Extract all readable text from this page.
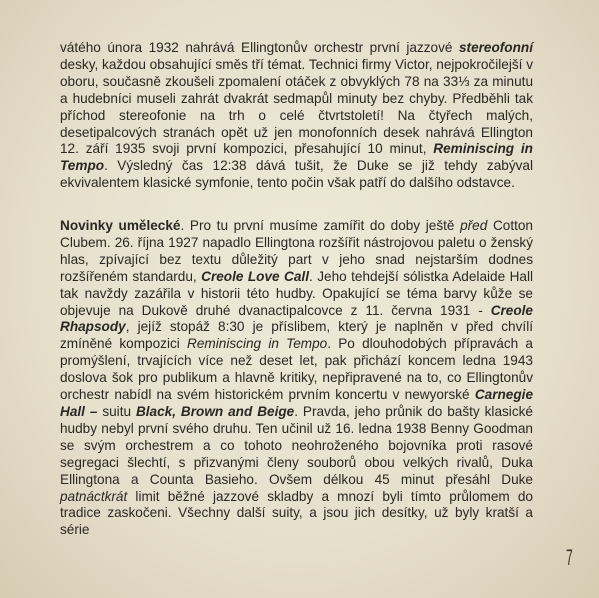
vátého února 1932 nahrává Ellingtonův orchestr první jazzové stereofonní desky, každou obsahující směs tří témat. Technici firmy Victor, nejpokročilejší v oboru, současně zkoušeli zpomalení otáček z obvyklých 78 na 33⅓ za minutu a hudebníci museli zahrát dvakrát sedmapůl minuty bez chyby. Předběhli tak příchod stereofonie na trh o celé čtvrtstoletí! Na čtyřech malých, desetipalcových stranách opět už jen monofonních desek nahrává Ellington 12. září 1935 svoji první kompozici, přesahující 10 minut, Reminiscing in Tempo. Výsledný čas 12:38 dává tušit, že Duke se již tehdy zabýval ekvivalentem klasické symfonie, tento počin však patří do dalšího odstavce.
Novinky umělecké. Pro tu první musíme zamířit do doby ještě před Cotton Clubem. 26. října 1927 napadlo Ellingtona rozšířit nástrojovou paletu o ženský hlas, zpívající bez textu důležitý part v jeho snad nejstarším dodnes rozšířeném standardu, Creole Love Call. Jeho tehdejší sólistka Adelaide Hall tak navždy zazářila v historii této hudby. Opakující se téma barvy kůže se objevuje na Dukově druhé dvanactipalcovce z 11. června 1931 - Creole Rhapsody, jejíž stopáž 8:30 je příslibem, který je naplněn v před chvílí zmíněné kompozici Reminiscing in Tempo. Po dlouhodobých přípravách a promýšlení, trvajících více než deset let, pak přichází koncem ledna 1943 doslova šok pro publikum a hlavně kritiky, nepřipravené na to, co Ellingtonův orchestr nabídl na svém historickém prvním koncertu v newyorské Carnegie Hall – suitu Black, Brown and Beige. Pravda, jeho průnik do bašty klasické hudby nebyl první svého druhu. Ten učinil už 16. ledna 1938 Benny Goodman se svým orchestrem a co tohoto neohroženého bojovníka proti rasové segregaci šlechtí, s přizvanými členy souborů obou velkých rivalů, Duka Ellingtona a Counta Basieho. Ovšem délkou 45 minut přesáhl Duke patnáctkrát limit běžné jazzové skladby a mnozí byli tímto průlomem do tradice zaskočeni. Všechny další suity, a jsou jich desítky, už byly kratší a série
7
